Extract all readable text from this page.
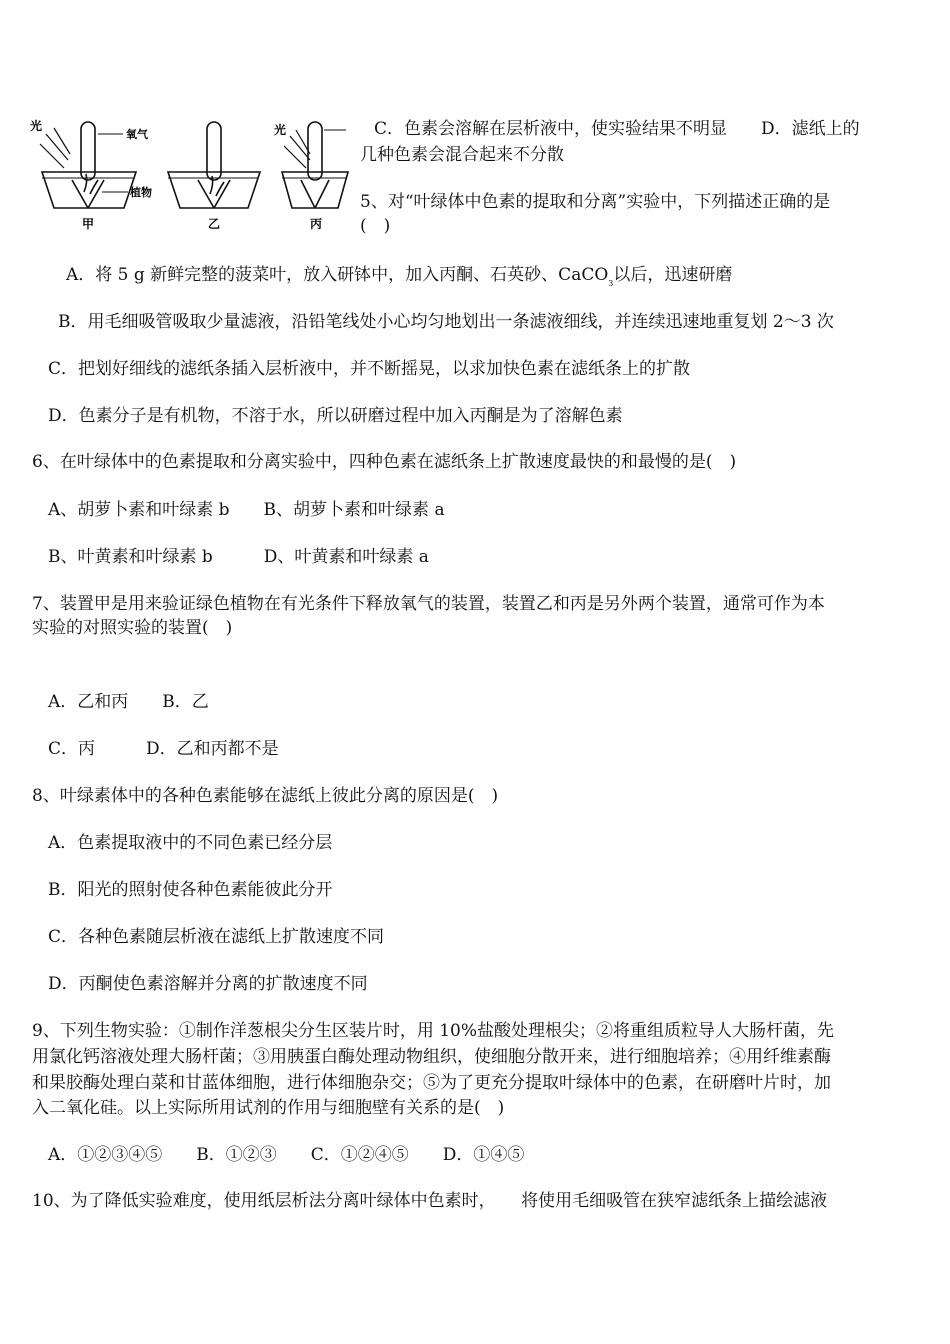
光
氧气
植物
光
甲	乙	丙
C．色素会溶解在层析液中，使实验结果不明显　　D．滤纸上的
几种色素会混合起来不分散
5、对“叶绿体中色素的提取和分离”实验中，下列描述正确的是
(　)
A．将 5 g 新鲜完整的菠菜叶，放入研钵中，加入丙酮、石英砂、CaCO$_3$以后，迅速研磨
B．用毛细吸管吸取少量滤液，沿铅笔线处小心均匀地划出一条滤液细线，并连续迅速地重复划 2～3 次
C．把划好细线的滤纸条插入层析液中，并不断摇晃，以求加快色素在滤纸条上的扩散
D．色素分子是有机物，不溶于水，所以研磨过程中加入丙酮是为了溶解色素
6、在叶绿体中的色素提取和分离实验中，四种色素在滤纸条上扩散速度最快的和最慢的是(　)
A、胡萝卜素和叶绿素 b　　B、胡萝卜素和叶绿素 a
B、叶黄素和叶绿素 b　　　D、叶黄素和叶绿素 a
7、装置甲是用来验证绿色植物在有光条件下释放氧气的装置，装置乙和丙是另外两个装置，通常可作为本
实验的对照实验的装置(　)
A．乙和丙　　B．乙
C．丙　　　D．乙和丙都不是
8、叶绿素体中的各种色素能够在滤纸上彼此分离的原因是(　)
A．色素提取液中的不同色素已经分层
B．阳光的照射使各种色素能彼此分开
C．各种色素随层析液在滤纸上扩散速度不同
D．丙酮使色素溶解并分离的扩散速度不同
9、下列生物实验：①制作洋葱根尖分生区装片时，用 10%盐酸处理根尖；②将重组质粒导人大肠杆菌，先
用氯化钙溶液处理大肠杆菌；③用胰蛋白酶处理动物组织，使细胞分散开来，进行细胞培养；④用纤维素酶
和果胶酶处理白菜和甘蓝体细胞，进行体细胞杂交；⑤为了更充分提取叶绿体中的色素，在研磨叶片时，加
入二氧化硅。以上实际所用试剂的作用与细胞壁有关系的是(　)
A．①②③④⑤　　B．①②③　　C．①②④⑤　　D．①④⑤
10、为了降低实验难度，使用纸层析法分离叶绿体中色素时，　　将使用毛细吸管在狭窄滤纸条上描绘滤液
